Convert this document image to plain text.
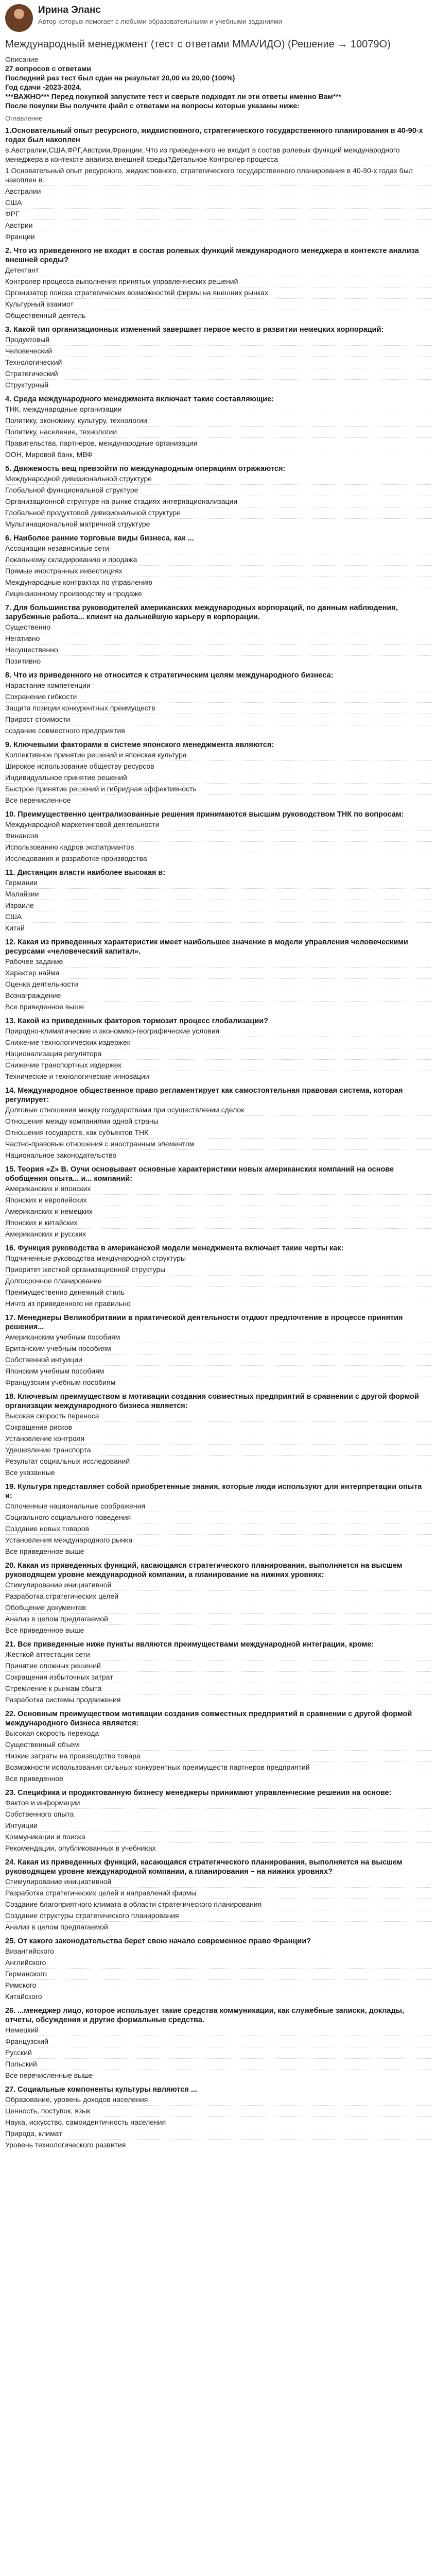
Ирина Эланс
Автор которых помогает с любыми образовательными и учебными заданиями
Международный менеджмент (тест с ответами ММА/ИДО) (Решение → 10079О)
Описание
27 вопросов с ответами
Последний раз тест был сдан на результат 20,00 из 20,00 (100%)
Год сдачи -2023-2024.
***ВАЖНО*** Перед покупкой запустите тест и сверьте подходят ли эти ответы именно Вам***
После покупки Вы получите файл с ответами на вопросы которые указаны ниже:
Оглавление
1.Основательный опыт ресурсного, жидкистювного, стратегического государственного планирования в 40-90-х годах был накоплен
в:Австралии,США,ФРГ,Австрии,Франции,.Что из приведенного не входит в состав ролевых функций международного менеджера в контексте анализа внешней среды?Детальное Контролер процесса
1.Основательный опыт ресурсного, жидкистювного, стратегического государственного планирования в 40-90-х годах был накоплен в:
Австралии
США
ФРГ
Австрии
Франции
2. Что из приведенного не входит в состав ролевых функций международного менеджера в контексте анализа внешней среды?
Детектант
Контролер процесса выполнения принятых управленческих решений
Организатор поиска стратегических возможностей фирмы на внешних рынках
Культурный взаимот
Общественный деятель
3. Какой тип организационных изменений завершает первое место в развитии немецких корпораций:
Продуктовый
Человеческий
Технологический
Стратегический
Структурный
4. Среда международного менеджмента включает такие составляющие:
ТНК, международные организации
Политику, экономику, культуру, технологии
Политику, население, технологии
Правительства, партнеров, международные организации
ООН, Мировой банк, МВФ
5. Движемость вещ превзойти по международным операциям отражаются:
Международной дивизиональной структуре
Глобальной функциональной структуре
Организационной структуре на рынке стадиях интернационализации
Глобальной продуктовой дивизиональной структуре
Мультинациональной матричной структуре
6. Наиболее ранние торговые виды бизнеса, как ...
Ассоциации независимые сети
Локальному складированию и продажа
Прямые иностранных инвестициях
Международные контрактах по управлению
Лицензионному производству и продаже
7. Для большинства руководителей американских международных корпораций, по данным наблюдения, зарубежные работа... клиент на дальнейшую карьеру в корпорации.
Существенно
Негативно
Несущественно
Позитивно
8. Что из приведенного не относится к стратегическим целям международного бизнеса:
Нарастание компетенции
Сохранение гибкости
Защита позиции конкурентных преимуществ
Прирост стоимости
создание совместного предприятия
9. Ключевыми факторами в системе японского менеджмента являются:
Коллективное принятие решений и японская культура
Широкое использование обществу ресурсов
Индивидуальное принятие решений
Быстрое принятие решений и гибридная эффективность
Все перечисленное
10. Преимущественно централизованные решения принимаются высшим руководством ТНК по вопросам:
Международной маркетинговой деятельности
Финансов
Использованию кадров экспатриантов
Исследования и разработке производства
11. Дистанция власти наиболее высокая в:
Германии
Малайзии
Израиле
США
Китай
12. Какая из приведенных характеристик имеет наибольшее значение в модели управления человеческими ресурсами «человеческий капитал».
Рабочее задание
Характер найма
Оценка деятельности
Вознаграждение
Все приведенное выше
13. Какой из приведенных факторов тормозит процесс глобализации?
Природно-климатические и экономико-географические условия
Снижение технологических издержек
Национализация регулятора
Снижение транспортных издержек
Технические и технологические инновации
14. Международное общественное право регламентирует как самостоятельная правовая система, которая регулирует:
Долговые отношения между государствами при осуществлении сделок
Отношения между компаниями одной страны
Отношения государств, как субъектов ТНК
Частно-правовые отношения с иностранным элементом
Национальное законодательство
15. Теория «Z» В. Оучи основывает основные характеристики новых американских компаний на основе обобщения опыта... и... компаний:
Американских и японских
Японских и европейских
Американских и немецких
Японских и китайских
Американских и русских
16. Функция руководства в американской модели менеджмента включает такие черты как:
Подчиненные руководства международной структуры
Приоритет жесткой организационной структуры
Долгосрочное планирование
Преимущественно денежный стиль
Ничто из приведенного не правильно
17. Менеджеры Великобритании в практической деятельности отдают предпочтение в процессе принятия решения...
Американским учебным пособиям
Британским учебным пособиям
Собственной интуиции
Японским учебным пособиям
Французским учебным пособиям
18. Ключевым преимуществом в мотивации создания совместных предприятий в сравнении с другой формой организации международного бизнеса является:
Высокая скорость переноса
Сокращение рисков
Установление контроля
Удешевление транспорта
Результат социальных исследований
Все указанные
19. Культура представляет собой приобретенные знания, которые люди используют для интерпретации опыта и:
Сплоченные национальные соображения
Социального социального поведения
Создание новых товаров
Установления международного рынка
Все приведенное выше
20. Какая из приведенных функций, касающаяся стратегического планирования, выполняется на высшем руководящем уровне международной компании, а планирование на нижних уровнях:
Стимулирование инициативной
Разработка стратегических целей
Обобщение документов
Анализ в целом предлагаемой
Все приведенное выше
21. Все приведенные ниже пункты являются преимуществами международной интеграции, кроме:
Жесткой аттестации сети
Принятие сложных решений
Сокращения избыточных затрат
Стремление к рынкам сбыта
Разработка системы продвижения
22. Основным преимуществом мотивации создания совместных предприятий в сравнении с другой формой международного бизнеса является:
Высокая скорость перехода
Существенный объем
Низкие затраты на производство товара
Возможности использования сильных конкурентных преимуществ партнеров предприятий
Все приведенное
23. Специфика и продиктованную бизнесу менеджеры принимают управленческие решения на основе:
Фактов и информации
Собственного опыта
Интуиции
Коммуникации и поиска
Рекомендации, опубликованных в учебниках
24. Какая из приведенных функций, касающаяся стратегического планирования, выполняется на высшем руководящем уровне международной компании, а планирования – на нижних уровнях?
Стимулирование инициативной
Разработка стратегических целей и направлений фирмы
Создание благоприятного климата в области стратегического планирования
Создание структуры стратегического планирования
Анализ в целом предлагаемой
25. От какого законодательства берет свою начало современное право Франции?
Византийского
Английского
Германского
Римского
Китайского
26. ...менеджер лицо, которое использует такие средства коммуникации, как служебные записки, доклады, отчеты, обсуждения и другие формальные средства.
Немецкий
Французский
Русский
Польский
Все перечисленные выше
27. Социальные компоненты культуры являются ...
Образование, уровень доходов населения
Ценность, поступок, язык
Наука, искусство, самоидентичность населения
Природа, климат
Уровень технологического развития
